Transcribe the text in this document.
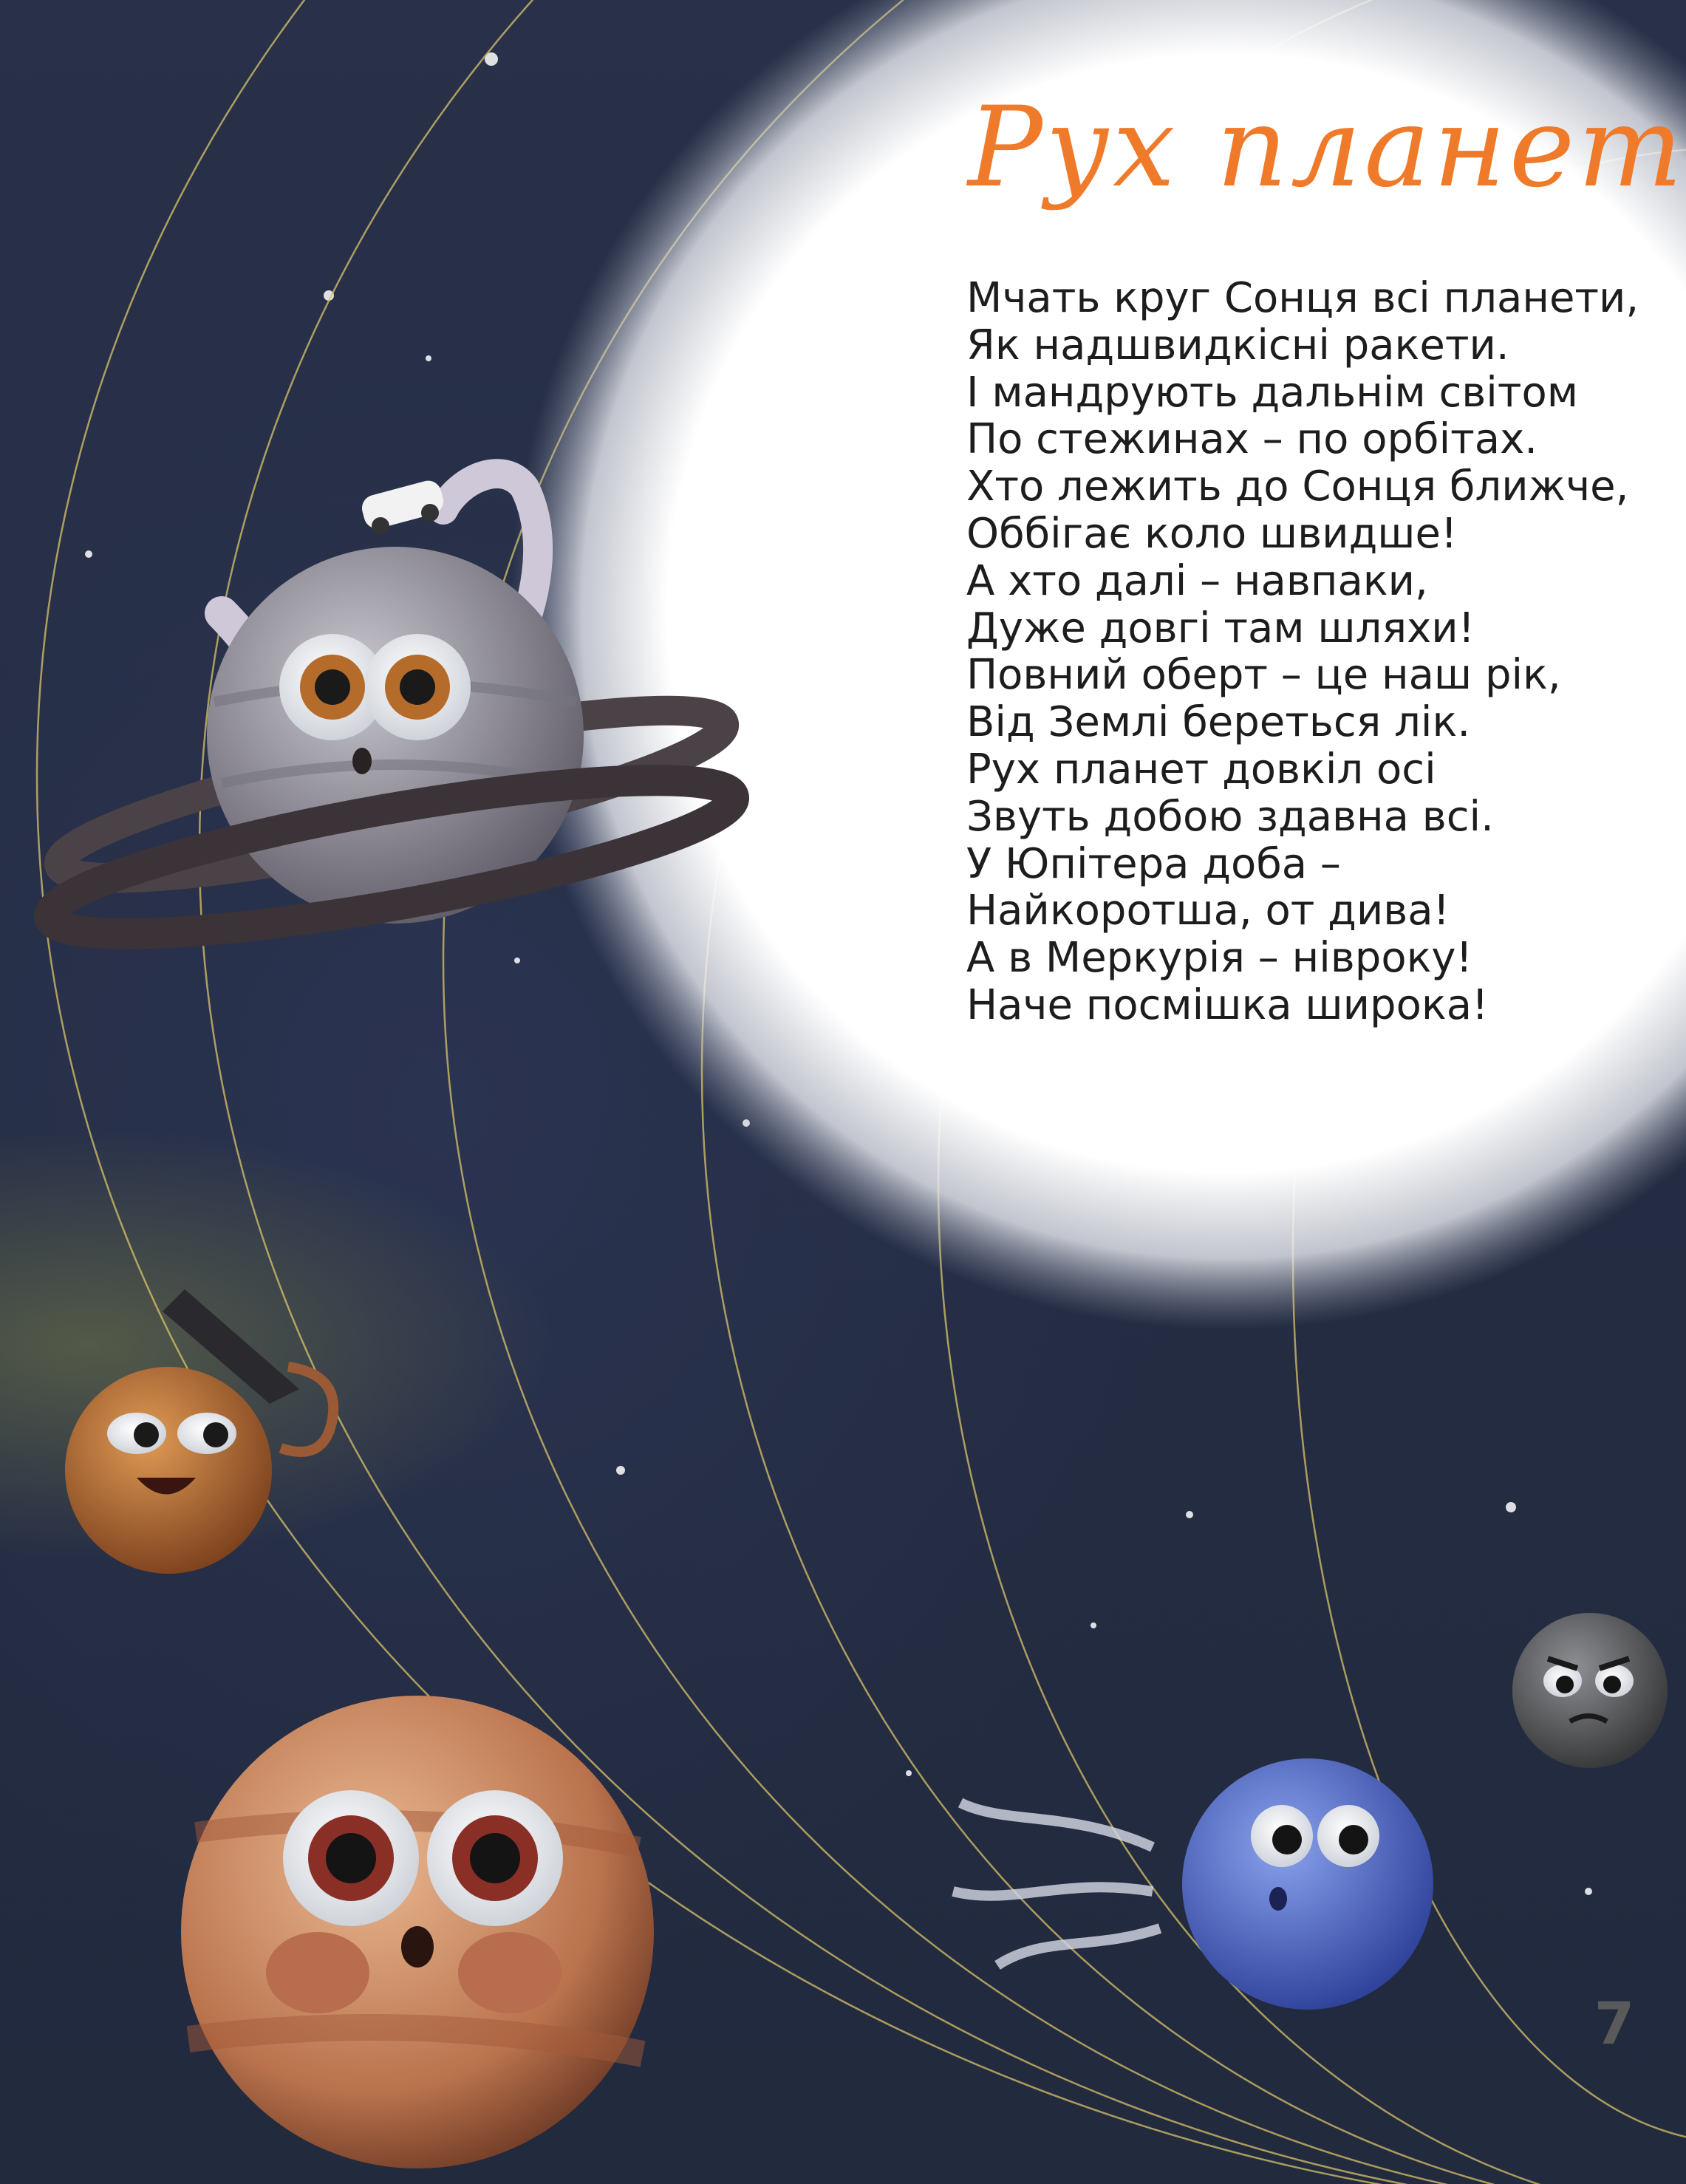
Рух планет
Мчать круг Сонця всі планети,
Як надшвидкісні ракети.
І мандрують дальнім світом
По стежинах – по орбітах.
Хто лежить до Сонця ближче,
Оббігає коло швидше!
А хто далі – навпаки,
Дуже довгі там шляхи!
Повний оберт – це наш рік,
Від Землі береться лік.
Рух планет довкіл осі
Звуть добою здавна всі.
У Юпітера доба –
Найкоротша, от дива!
А в Меркурія – нівроку!
Наче посмішка широка!
7
